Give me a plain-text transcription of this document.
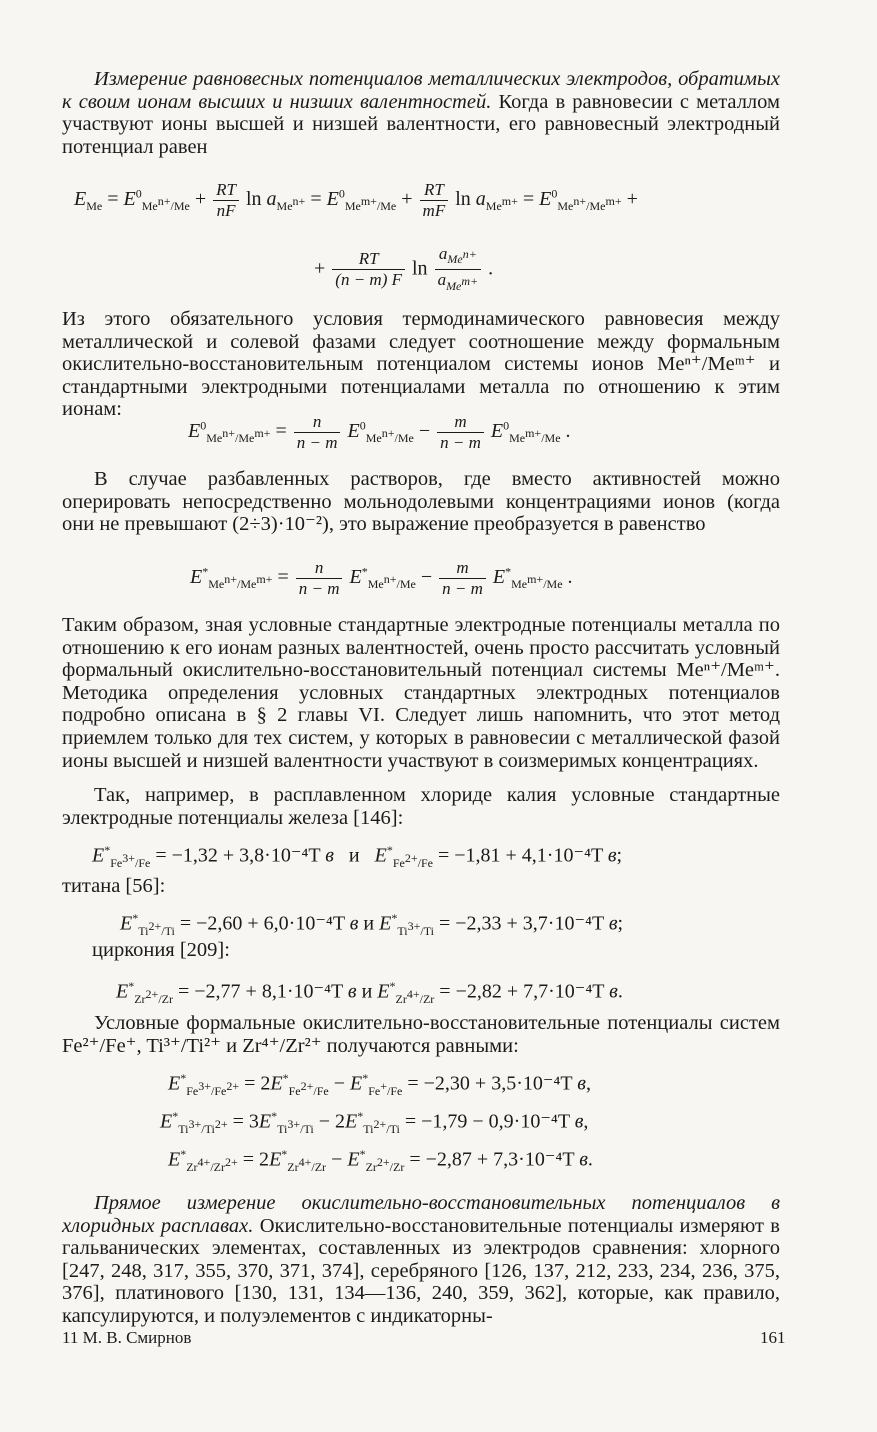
Измерение равновесных потенциалов металлических электродов, обратимых к своим ионам высших и низших валентностей. Когда в равновесии с металлом участвуют ионы высшей и низшей валентности, его равновесный электродный потенциал равен

$E_{Me} = E^0_{Me^{n+}/Me} + \frac{RT}{nF}$ $\ln a_{Me^{n+}} = E^0_{Me^{m+}/Me} + \frac{RT}{mF}$ $\ln a_{Me^{m+}} = E^0_{Me^{n+}/Me^{m+}}$ +
+ $\frac{RT}{(n - m) F}$ $\ln \frac{a_{Me^{n+}}}{a_{Me^{m+}}}$ .

Из этого обязательного условия термодинамического равновесия между металлической и солевой фазами следует соотношение между формальным окислительно-восстановительным потенциалом системы ионов Meⁿ⁺/Meᵐ⁺ и стандартными электродными потенциалами металла по отношению к этим ионам:

$E^0_{Me^{n+}/Me^{m+}} = \frac{n}{n - m} E^0_{Me^{n+}/Me} - \frac{m}{n - m} E^0_{Me^{m+}/Me}$ .

В случае разбавленных растворов, где вместо активностей можно оперировать непосредственно мольнодолевыми концентрациями ионов (когда они не превышают (2÷3)·10⁻²), это выражение преобразуется в равенство

$E^*_{Me^{n+}/Me^{m+}} = \frac{n}{n - m} E^*_{Me^{n+}/Me} - \frac{m}{n - m} E^*_{Me^{m+}/Me}$ .

Таким образом, зная условные стандартные электродные потенциалы металла по отношению к его ионам разных валентностей, очень просто рассчитать условный формальный окислительно-восстановительный потенциал системы Meⁿ⁺/Meᵐ⁺. Методика определения условных стандартных электродных потенциалов подробно описана в § 2 главы VI. Следует лишь напомнить, что этот метод приемлем только для тех систем, у которых в равновесии с металлической фазой ионы высшей и низшей валентности участвуют в соизмеримых концентрациях.

Так, например, в расплавленном хлориде калия условные стандартные электродные потенциалы железа [146]:

$E^*_{Fe^{3+}/Fe} = -1,32 + 3,8\cdot 10^{-4}T$ в   и   $E^*_{Fe^{2+}/Fe} = -1,81 + 4,1\cdot 10^{-4}T$ в;
титана [56]:
$E^*_{Ti^{2+}/Ti} = -2,60 + 6,0\cdot 10^{-4}T$ в и $E^*_{Ti^{3+}/Ti} = -2,33 + 3,7\cdot 10^{-4}T$ в;
циркония [209]:
$E^*_{Zr^{2+}/Zr} = -2,77 + 8,1\cdot 10^{-4}T$ в и $E^*_{Zr^{4+}/Zr} = -2,82 + 7,7\cdot 10^{-4}T$ в.

Условные формальные окислительно-восстановительные потенциалы систем Fe²⁺/Fe⁺, Ti³⁺/Ti²⁺ и Zr⁴⁺/Zr²⁺ получаются равными:

$E^*_{Fe^{3+}/Fe^{2+}} = 2E^*_{Fe^{2+}/Fe} - E^*_{Fe^+/Fe} = -2,30 + 3,5\cdot 10^{-4}T$ в,
$E^*_{Ti^{3+}/Ti^{2+}} = 3E^*_{Ti^{3+}/Ti} - 2E^*_{Ti^{2+}/Ti} = -1,79 - 0,9\cdot 10^{-4}T$ в,
$E^*_{Zr^{4+}/Zr^{2+}} = 2E^*_{Zr^{4+}/Zr} - E^*_{Zr^{2+}/Zr} = -2,87 + 7,3\cdot 10^{-4}T$ в.

Прямое измерение окислительно-восстановительных потенциалов в хлоридных расплавах. Окислительно-восстановительные потенциалы измеряют в гальванических элементах, составленных из электродов сравнения: хлорного [247, 248, 317, 355, 370, 371, 374], серебряного [126, 137, 212, 233, 234, 236, 375, 376], платинового [130, 131, 134—136, 240, 359, 362], которые, как правило, капсулируются, и полуэлементов с индикаторны-

11 М. В. Смирнов	161
